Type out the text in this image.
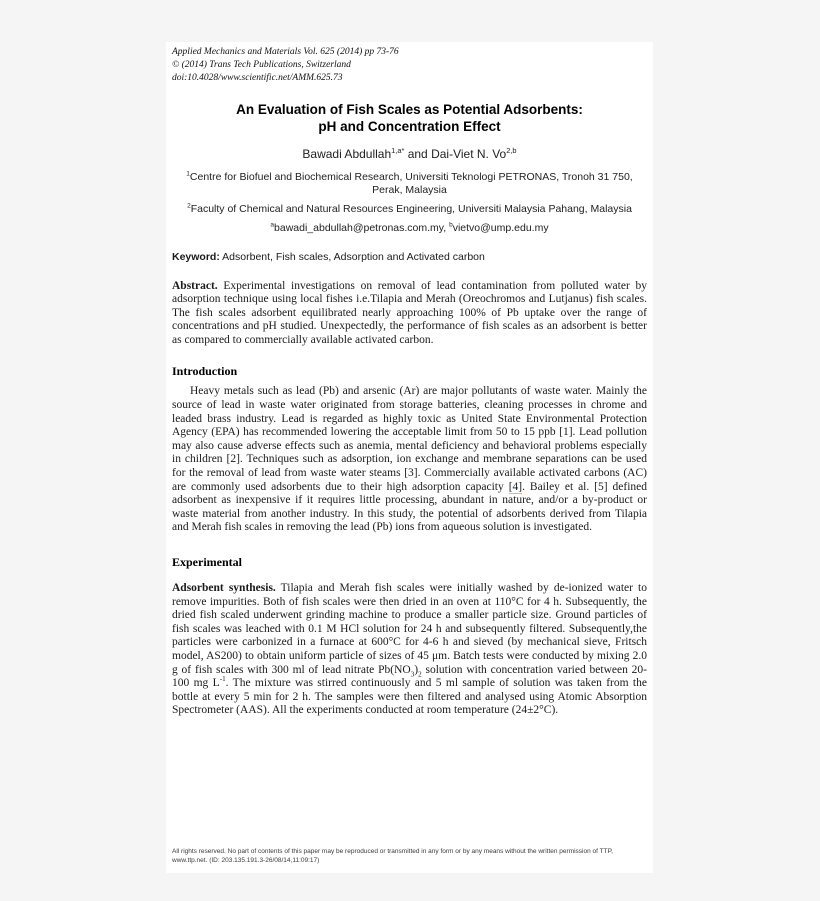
Applied Mechanics and Materials Vol. 625 (2014) pp 73-76
© (2014) Trans Tech Publications, Switzerland
doi:10.4028/www.scientific.net/AMM.625.73
An Evaluation of Fish Scales as Potential Adsorbents:
pH and Concentration Effect
Bawadi Abdullah$^{1,a*}$ and Dai-Viet N. Vo$^{2,b}$
$^1$Centre for Biofuel and Biochemical Research, Universiti Teknologi PETRONAS, Tronoh 31 750, Perak, Malaysia
$^2$Faculty of Chemical and Natural Resources Engineering, Universiti Malaysia Pahang, Malaysia
$^a$bawadi_abdullah@petronas.com.my, $^b$vietvo@ump.edu.my
Keyword: Adsorbent, Fish scales, Adsorption and Activated carbon
Abstract. Experimental investigations on removal of lead contamination from polluted water by adsorption technique using local fishes i.e.Tilapia and Merah (Oreochromos and Lutjanus) fish scales. The fish scales adsorbent equilibrated nearly approaching 100% of Pb uptake over the range of concentrations and pH studied. Unexpectedly, the performance of fish scales as an adsorbent is better as compared to commercially available activated carbon.
Introduction
Heavy metals such as lead (Pb) and arsenic (Ar) are major pollutants of waste water. Mainly the source of lead in waste water originated from storage batteries, cleaning processes in chrome and leaded brass industry. Lead is regarded as highly toxic as United State Environmental Protection Agency (EPA) has recommended lowering the acceptable limit from 50 to 15 ppb [1]. Lead pollution may also cause adverse effects such as anemia, mental deficiency and behavioral problems especially in children [2]. Techniques such as adsorption, ion exchange and membrane separations can be used for the removal of lead from waste water steams [3]. Commercially available activated carbons (AC) are commonly used adsorbents due to their high adsorption capacity [4]. Bailey et al. [5] defined adsorbent as inexpensive if it requires little processing, abundant in nature, and/or a by-product or waste material from another industry. In this study, the potential of adsorbents derived from Tilapia and Merah fish scales in removing the lead (Pb) ions from aqueous solution is investigated.
Experimental
Adsorbent synthesis. Tilapia and Merah fish scales were initially washed by de-ionized water to remove impurities. Both of fish scales were then dried in an oven at 110°C for 4 h. Subsequently, the dried fish scaled underwent grinding machine to produce a smaller particle size. Ground particles of fish scales was leached with 0.1 M HCl solution for 24 h and subsequently filtered. Subsequently,the particles were carbonized in a furnace at 600°C for 4-6 h and sieved (by mechanical sieve, Fritsch model, AS200) to obtain uniform particle of sizes of 45 μm. Batch tests were conducted by mixing 2.0 g of fish scales with 300 ml of lead nitrate $Pb(NO_3)_2$ solution with concentration varied between 20-100 mg $L^{-1}$. The mixture was stirred continuously and 5 ml sample of solution was taken from the bottle at every 5 min for 2 h. The samples were then filtered and analysed using Atomic Absorption Spectrometer (AAS). All the experiments conducted at room temperature (24±2°C).
All rights reserved. No part of contents of this paper may be reproduced or transmitted in any form or by any means without the written permission of TTP,
www.ttp.net. (ID: 203.135.191.3-26/08/14,11:09:17)
